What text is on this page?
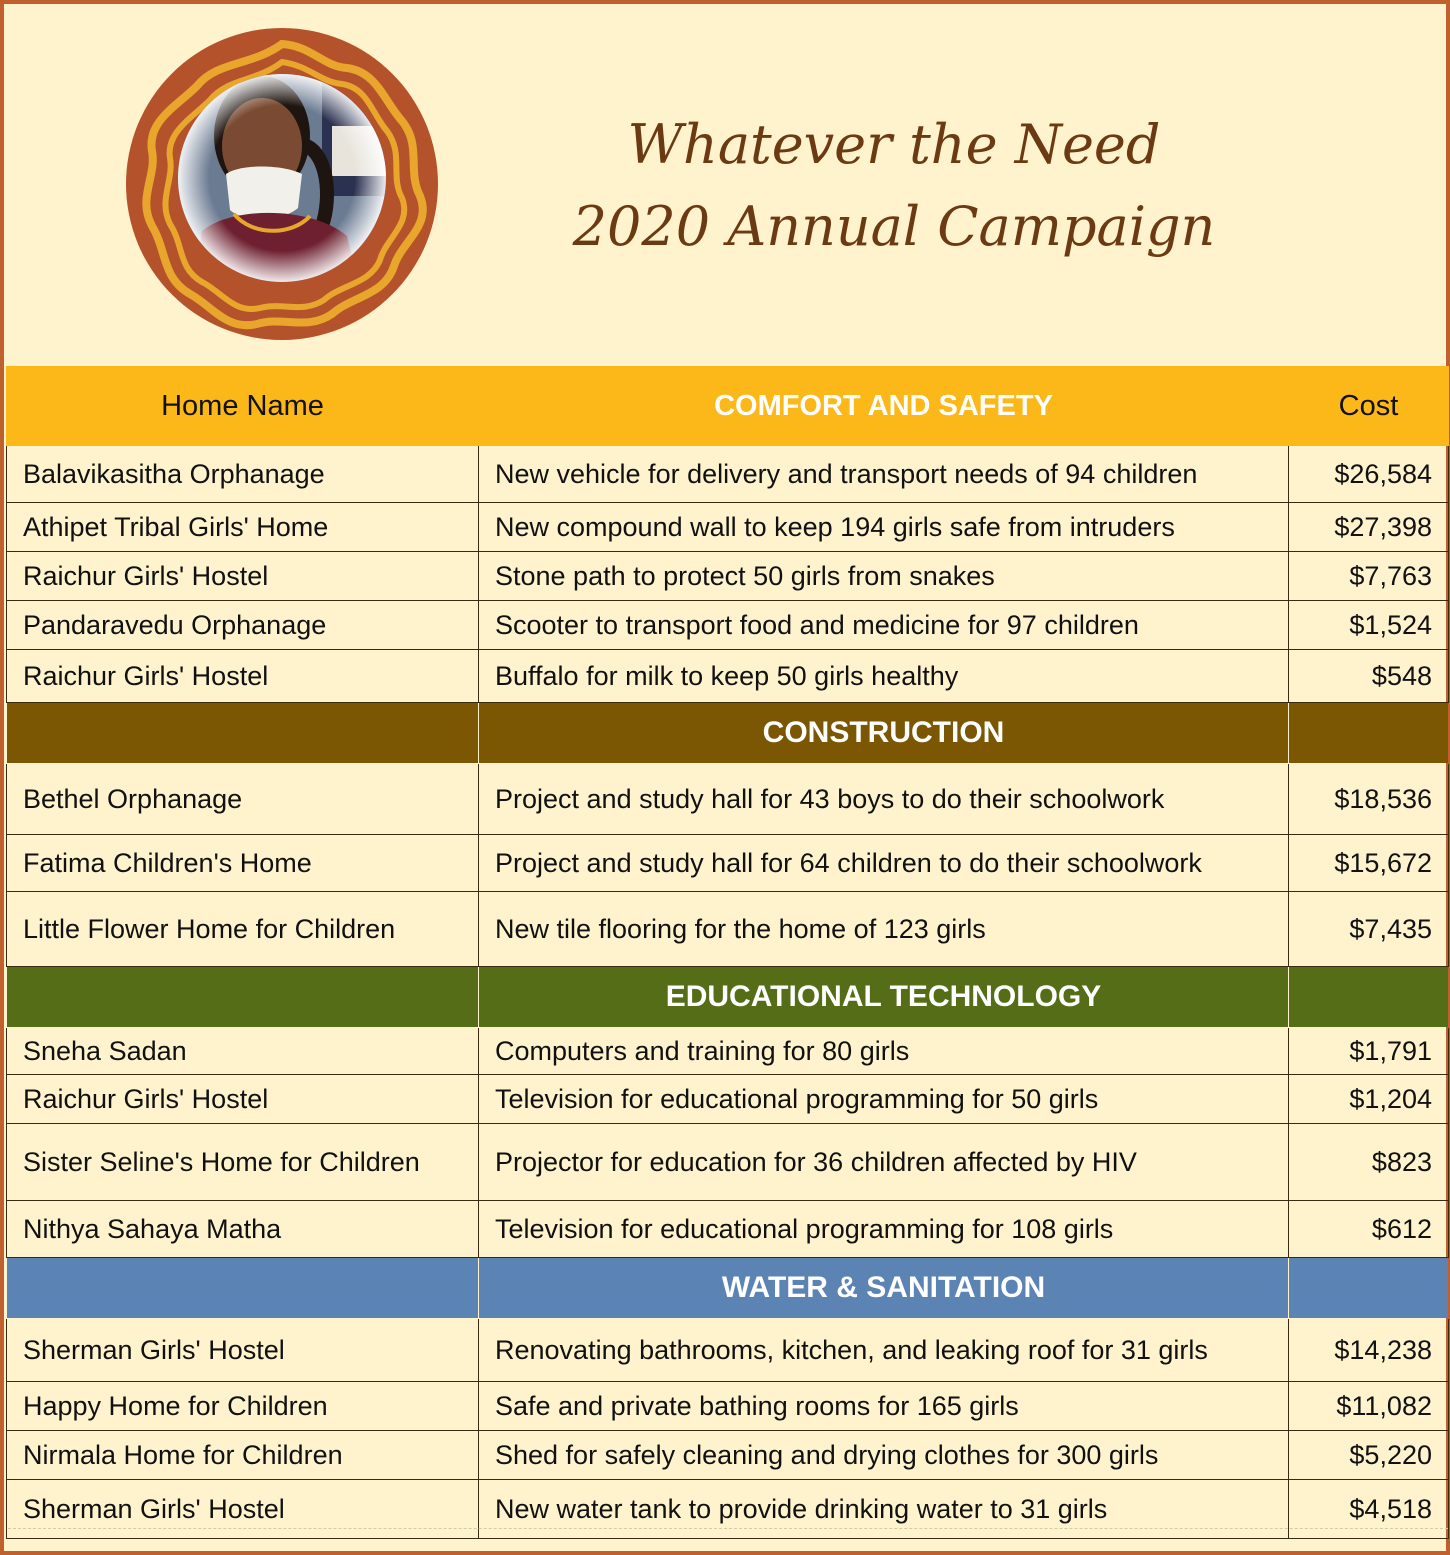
Whatever the Need
2020 Annual Campaign
Home Name	COMFORT AND SAFETY	Cost
Balavikasitha Orphanage	New vehicle for delivery and transport needs of 94 children	$26,584
Athipet Tribal Girls' Home	New compound wall to keep 194 girls safe from intruders	$27,398
Raichur Girls' Hostel	Stone path to protect 50 girls from snakes	$7,763
Pandaravedu Orphanage	Scooter to transport food and medicine for 97 children	$1,524
Raichur Girls' Hostel	Buffalo for milk to keep 50 girls healthy	$548
	CONSTRUCTION	
Bethel Orphanage	Project and study hall for 43 boys to do their schoolwork	$18,536
Fatima Children's Home	Project and study hall for 64 children to do their schoolwork	$15,672
Little Flower Home for Children	New tile flooring for the home of 123 girls	$7,435
	EDUCATIONAL TECHNOLOGY	
Sneha Sadan	Computers and training for 80 girls	$1,791
Raichur Girls' Hostel	Television for educational programming for 50 girls	$1,204
Sister Seline's Home for Children	Projector for education for 36 children affected by HIV	$823
Nithya Sahaya Matha	Television for educational programming for 108 girls	$612
	WATER & SANITATION	
Sherman Girls' Hostel	Renovating bathrooms, kitchen, and leaking roof for 31 girls	$14,238
Happy Home for Children	Safe and private bathing rooms for 165 girls	$11,082
Nirmala Home for Children	Shed for safely cleaning and drying clothes for 300 girls	$5,220
Sherman Girls' Hostel	New water tank to provide drinking water to 31 girls	$4,518
